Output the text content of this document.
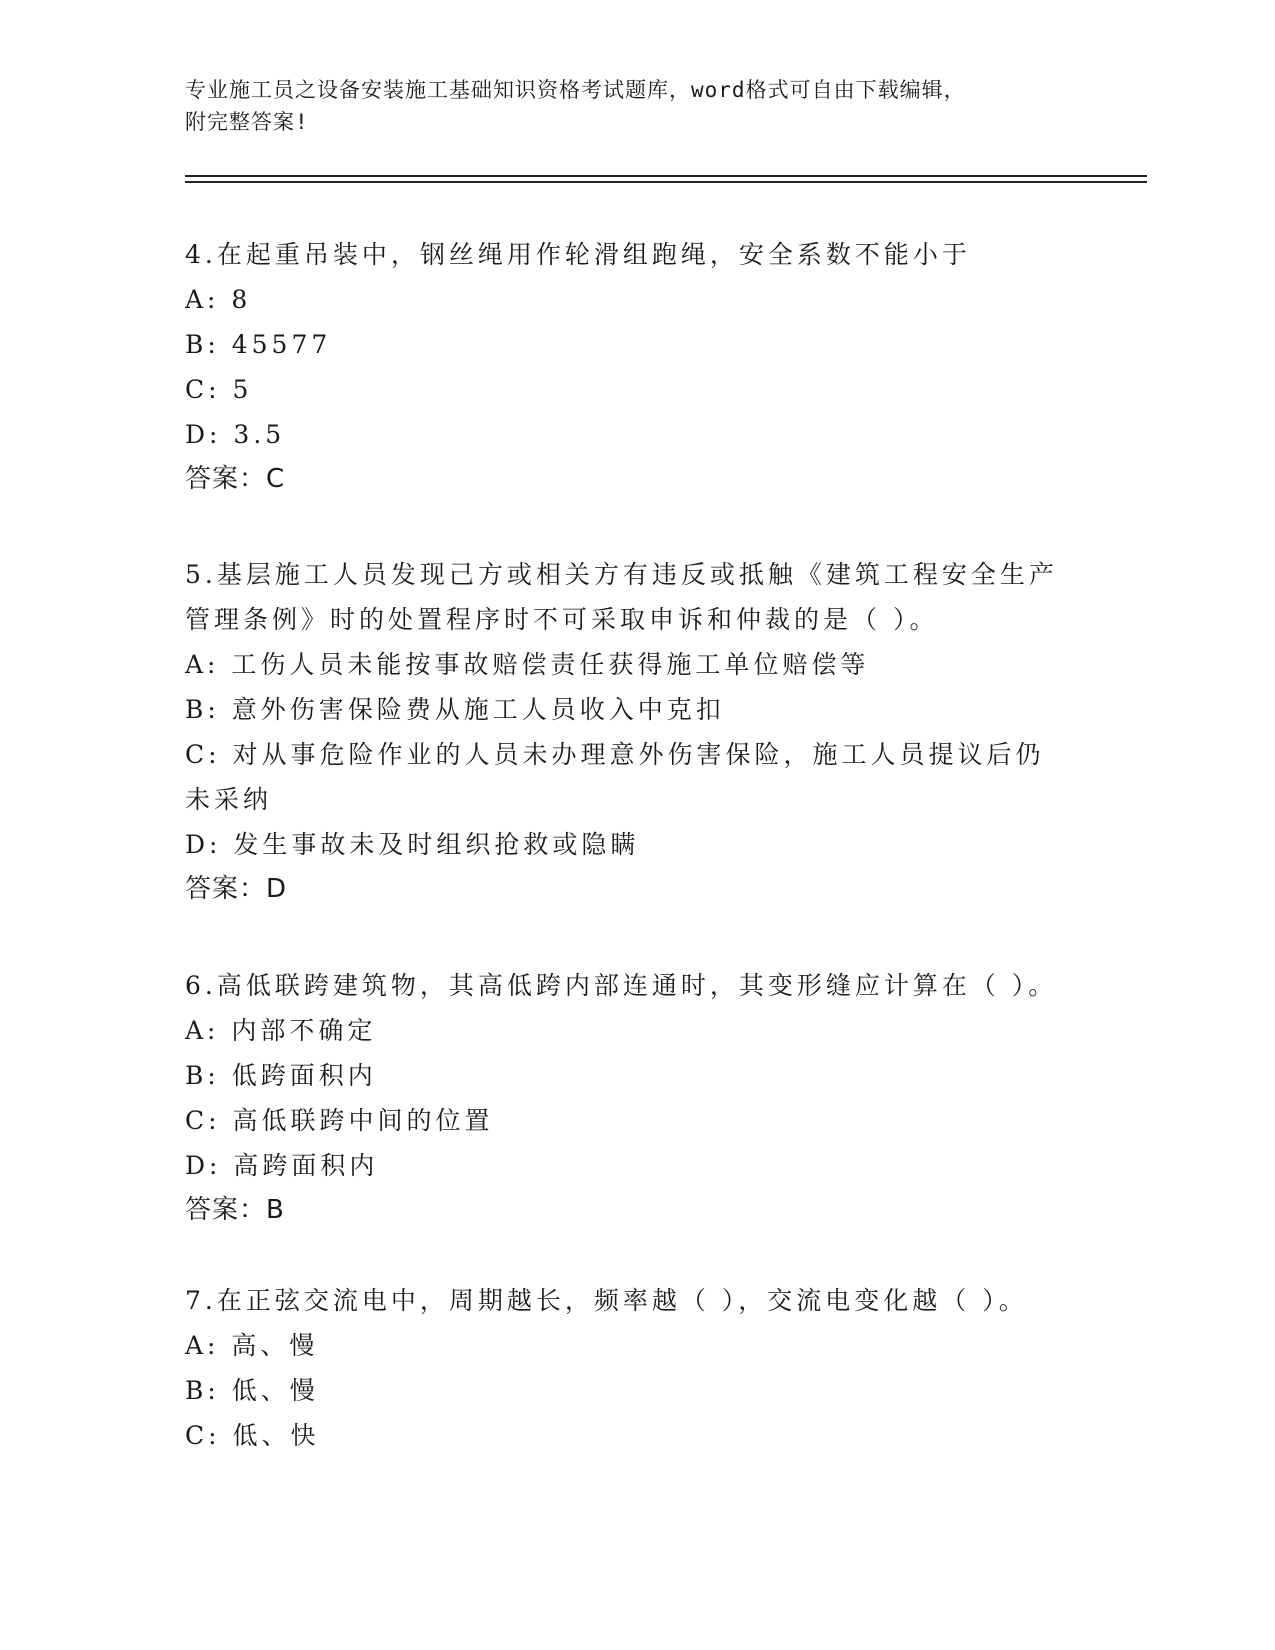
专业施工员之设备安装施工基础知识资格考试题库，word格式可自由下载编辑，
附完整答案!
4.在起重吊装中，钢丝绳用作轮滑组跑绳，安全系数不能小于
A: 8
B: 45577
C: 5
D: 3.5
答案：C
5.基层施工人员发现己方或相关方有违反或抵触《建筑工程安全生产管理条例》时的处置程序时不可采取申诉和仲裁的是（ ）。
A: 工伤人员未能按事故赔偿责任获得施工单位赔偿等
B: 意外伤害保险费从施工人员收入中克扣
C: 对从事危险作业的人员未办理意外伤害保险，施工人员提议后仍未采纳
D: 发生事故未及时组织抢救或隐瞒
答案：D
6.高低联跨建筑物，其高低跨内部连通时，其变形缝应计算在（ ）。
A: 内部不确定
B: 低跨面积内
C: 高低联跨中间的位置
D: 高跨面积内
答案：B
7.在正弦交流电中，周期越长，频率越（ ），交流电变化越（ ）。
A: 高、慢
B: 低、慢
C: 低、快
